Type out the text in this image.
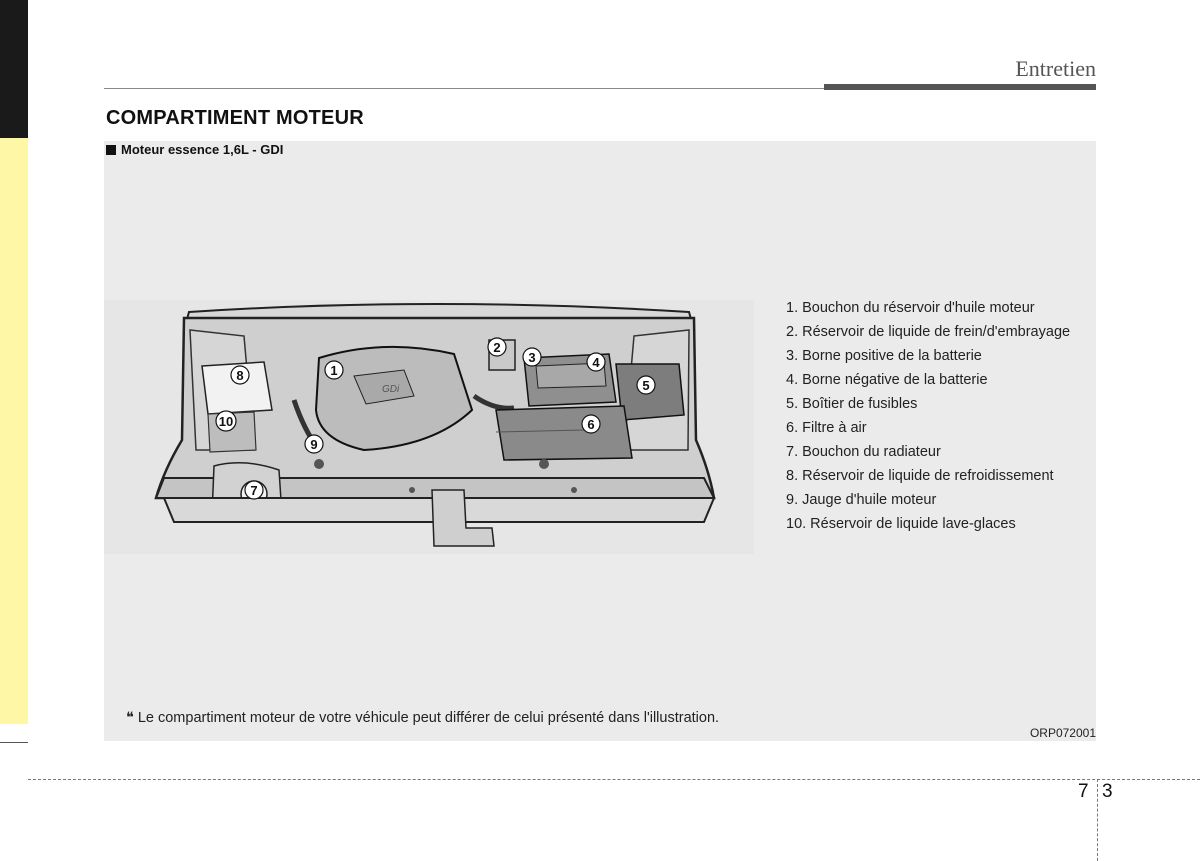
Entretien
COMPARTIMENT MOTEUR
Moteur essence 1,6L - GDI
GDi
1
2
3	4
5
6
7
8
9
10
1. Bouchon du réservoir d'huile moteur
2. Réservoir de liquide de frein/d'embrayage
3. Borne positive de la batterie
4. Borne négative de la batterie
5. Boîtier de fusibles
6. Filtre à air
7. Bouchon du radiateur
8. Réservoir de liquide de refroidissement
9. Jauge d'huile moteur
10. Réservoir de liquide lave-glaces
❝ Le compartiment moteur de votre véhicule peut différer de celui présenté dans l'illustration.
ORP072001
7 3
